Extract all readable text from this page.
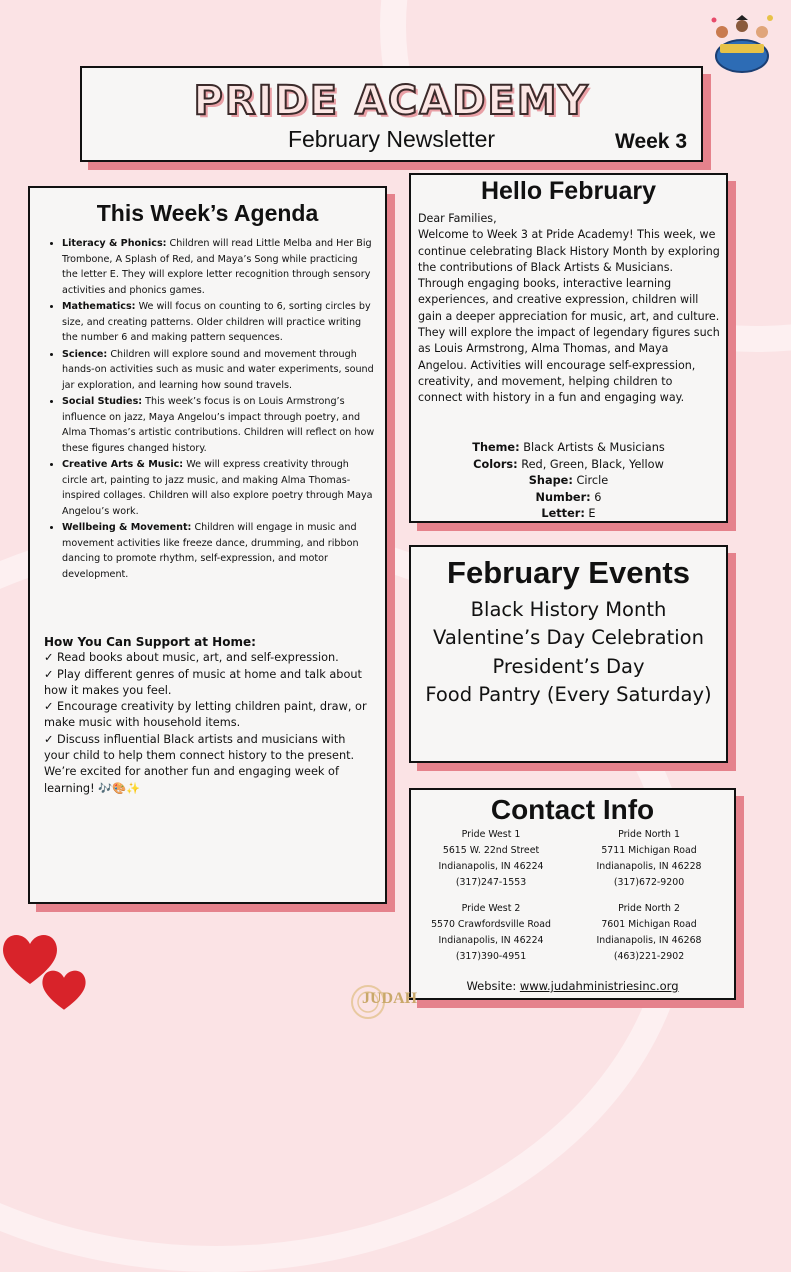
PRIDE ACADEMY
February Newsletter	Week 3
This Week’s Agenda
• Literacy & Phonics: Children will read Little Melba and Her Big Trombone, A Splash of Red, and Maya’s Song while practicing the letter E. They will explore letter recognition through sensory activities and phonics games.
• Mathematics: We will focus on counting to 6, sorting circles by size, and creating patterns. Older children will practice writing the number 6 and making pattern sequences.
• Science: Children will explore sound and movement through hands-on activities such as music and water experiments, sound jar exploration, and learning how sound travels.
• Social Studies: This week’s focus is on Louis Armstrong’s influence on jazz, Maya Angelou’s impact through poetry, and Alma Thomas’s artistic contributions. Children will reflect on how these figures changed history.
• Creative Arts & Music: We will express creativity through circle art, painting to jazz music, and making Alma Thomas-inspired collages. Children will also explore poetry through Maya Angelou’s work.
• Wellbeing & Movement: Children will engage in music and movement activities like freeze dance, drumming, and ribbon dancing to promote rhythm, self-expression, and motor development.
How You Can Support at Home:
✓ Read books about music, art, and self-expression.
✓ Play different genres of music at home and talk about how it makes you feel.
✓ Encourage creativity by letting children paint, draw, or make music with household items.
✓ Discuss influential Black artists and musicians with your child to help them connect history to the present.
We’re excited for another fun and engaging week of learning! 🎶🎨✨
Hello February
Dear Families,
Welcome to Week 3 at Pride Academy! This week, we continue celebrating Black History Month by exploring the contributions of Black Artists & Musicians. Through engaging books, interactive learning experiences, and creative expression, children will gain a deeper appreciation for music, art, and culture. They will explore the impact of legendary figures such as Louis Armstrong, Alma Thomas, and Maya Angelou. Activities will encourage self-expression, creativity, and movement, helping children to connect with history in a fun and engaging way.
Theme: Black Artists & Musicians
Colors: Red, Green, Black, Yellow
Shape: Circle
Number: 6
Letter: E
February Events
Black History Month
Valentine’s Day Celebration
President’s Day
Food Pantry (Every Saturday)
Contact Info
Pride West 1
5615 W. 22nd Street
Indianapolis, IN 46224
(317)247-1553
Pride North 1
5711 Michigan Road
Indianapolis, IN 46228
(317)672-9200
Pride West 2
5570 Crawfordsville Road
Indianapolis, IN 46224
(317)390-4951
Pride North 2
7601 Michigan Road
Indianapolis, IN 46268
(463)221-2902
Website: www.judahministriesinc.org
JUDAH
